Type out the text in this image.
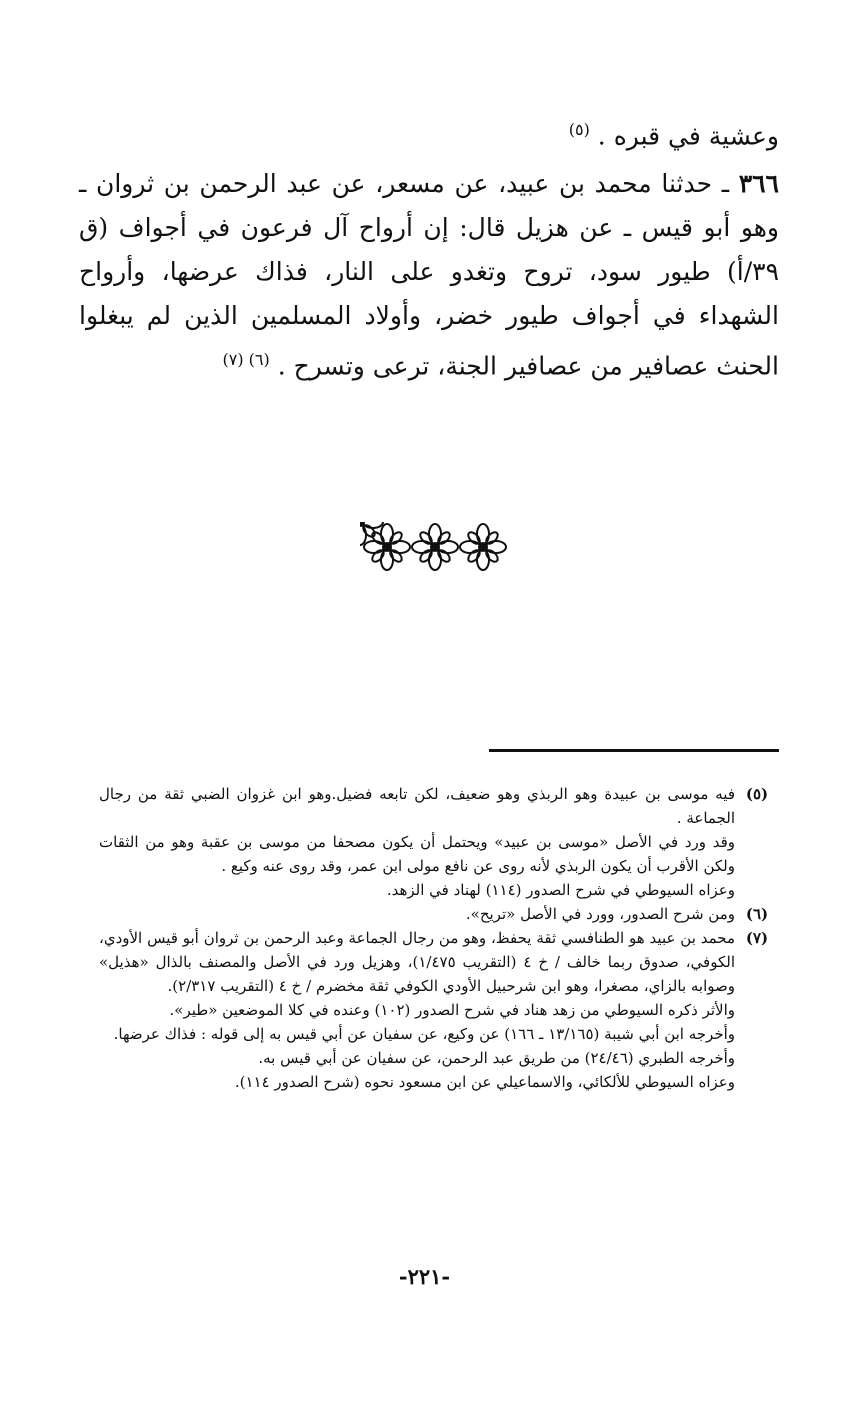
وعشية في قبره . $^{(٥)}$

٣٦٦ ـ حدثنا محمد بن عبيد، عن مسعر، عن عبد الرحمن بن ثروان ـ وهو أبو قيس ـ عن هزيل قال: إن أرواح آل فرعون في أجواف (ق ٣٩/أ) طيور سود، تروح وتغدو على النار، فذاك عرضها، وأرواح الشهداء في أجواف طيور خضر، وأولاد المسلمين الذين لم يبغلوا الحنث عصافير من عصافير الجنة، ترعى وتسرح . $^{(٦) (٧)}$

(٥)
فيه موسى بن عبيدة وهو الربذي وهو ضعيف، لكن تابعه فضيل.وهو ابن غزوان الضبي ثقة من رجال الجماعة .
وقد ورد في الأصل «موسى بن عبيد» ويحتمل أن يكون مصحفا من موسى بن عقبة وهو من الثقات ولكن الأقرب أن يكون الربذي لأنه روى عن نافع مولى ابن عمر، وقد روى عنه وكيع .
وعزاه السيوطي في شرح الصدور (١١٤) لهناد في الزهد.
(٦)
ومن شرح الصدور، وورد في الأصل «تريح».
(٧)
محمد بن عبيد هو الطنافسي ثقة يحفظ، وهو من رجال الجماعة وعبد الرحمن بن ثروان أبو قيس الأودي، الكوفي، صدوق ربما خالف / خ ٤ (التقريب ١/٤٧٥)، وهزيل ورد في الأصل والمصنف بالذال «هذيل» وصوابه بالزاي، مصغرا، وهو ابن شرحبيل الأودي الكوفي ثقة مخضرم / خ ٤ (التقريب ٢/٣١٧).
والأثر ذكره السيوطي من زهد هناد في شرح الصدور (١٠٢) وعنده في كلا الموضعين «طير».
وأخرجه ابن أبي شيبة (١٣/١٦٥ ـ ١٦٦) عن وكيع، عن سفيان عن أبي قيس به إلى قوله : فذاك عرضها.
وأخرجه الطبري (٢٤/٤٦) من طريق عبد الرحمن، عن سفيان عن أبي قيس به.
وعزاه السيوطي للألكائي، والاسماعيلي عن ابن مسعود نحوه (شرح الصدور ١١٤).
-٢٢١-
